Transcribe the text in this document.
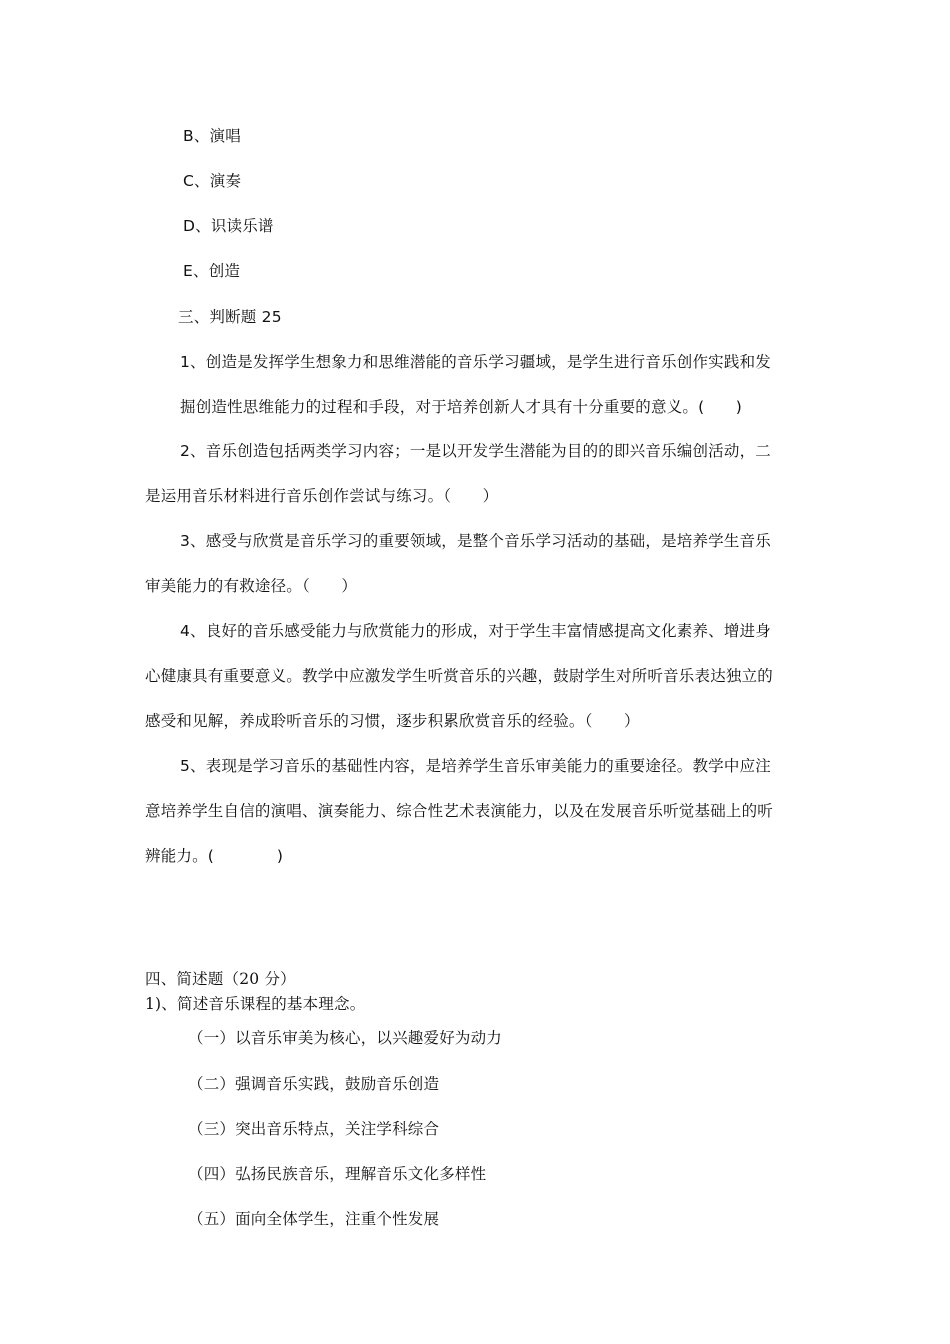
B、演唱
C、演奏
D、识读乐谱
E、创造
三、判断题 25
1、创造是发挥学生想象力和思维潜能的音乐学习疆域，是学生进行音乐创作实践和发
掘创造性思维能力的过程和手段，对于培养创新人才具有十分重要的意义。(　　)
2、音乐创造包括两类学习内容；一是以开发学生潜能为目的的即兴音乐编创活动，二
是运用音乐材料进行音乐创作尝试与练习。（　　）
3、感受与欣赏是音乐学习的重要领域，是整个音乐学习活动的基础，是培养学生音乐
审美能力的有救途径。（　　）
4、良好的音乐感受能力与欣赏能力的形成，对于学生丰富情感提高文化素养、增进身
心健康具有重要意义。教学中应激发学生听赏音乐的兴趣，鼓尉学生对所听音乐表达独立的
感受和见解，养成聆听音乐的习惯，逐步积累欣赏音乐的经验。（　　）
5、表现是学习音乐的基础性内容，是培养学生音乐审美能力的重要途径。教学中应注
意培养学生自信的演唱、演奏能力、综合性艺术表演能力，以及在发展音乐听觉基础上的听
辨能力。(　　　　)
四、简述题（20 分）
1)、简述音乐课程的基本理念。
（一）以音乐审美为核心，以兴趣爱好为动力
（二）强调音乐实践，鼓励音乐创造
（三）突出音乐特点，关注学科综合
（四）弘扬民族音乐，理解音乐文化多样性
（五）面向全体学生，注重个性发展
